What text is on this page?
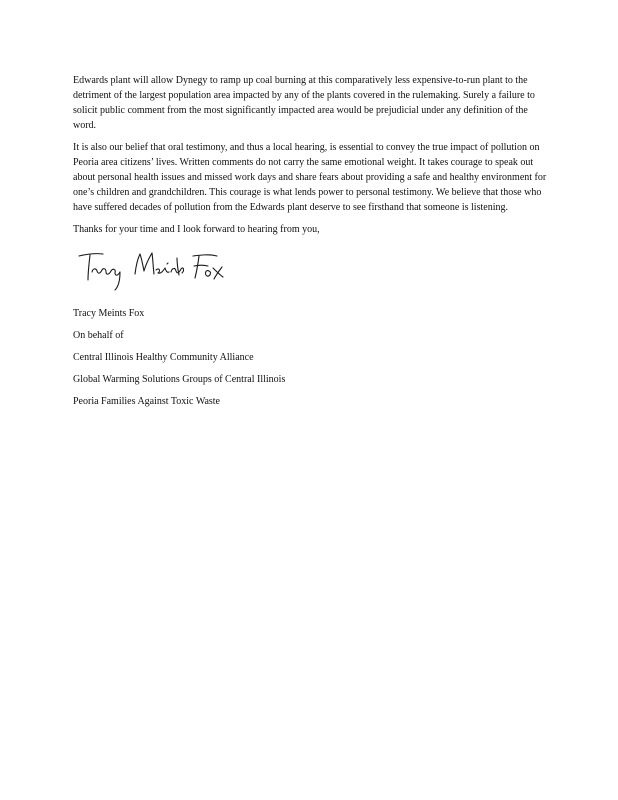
Edwards plant will allow Dynegy to ramp up coal burning at this comparatively less expensive-to-run plant to the detriment of the largest population area impacted by any of the plants covered in the rulemaking. Surely a failure to solicit public comment from the most significantly impacted area would be prejudicial under any definition of the word.

It is also our belief that oral testimony, and thus a local hearing, is essential to convey the true impact of pollution on Peoria area citizens’ lives. Written comments do not carry the same emotional weight. It takes courage to speak out about personal health issues and missed work days and share fears about providing a safe and healthy environment for one’s children and grandchildren. This courage is what lends power to personal testimony. We believe that those who have suffered decades of pollution from the Edwards plant deserve to see firsthand that someone is listening.

Thanks for your time and I look forward to hearing from you,

Tracy Meints Fox

On behalf of

Central Illinois Healthy Community Alliance

Global Warming Solutions Groups of Central Illinois

Peoria Families Against Toxic Waste
